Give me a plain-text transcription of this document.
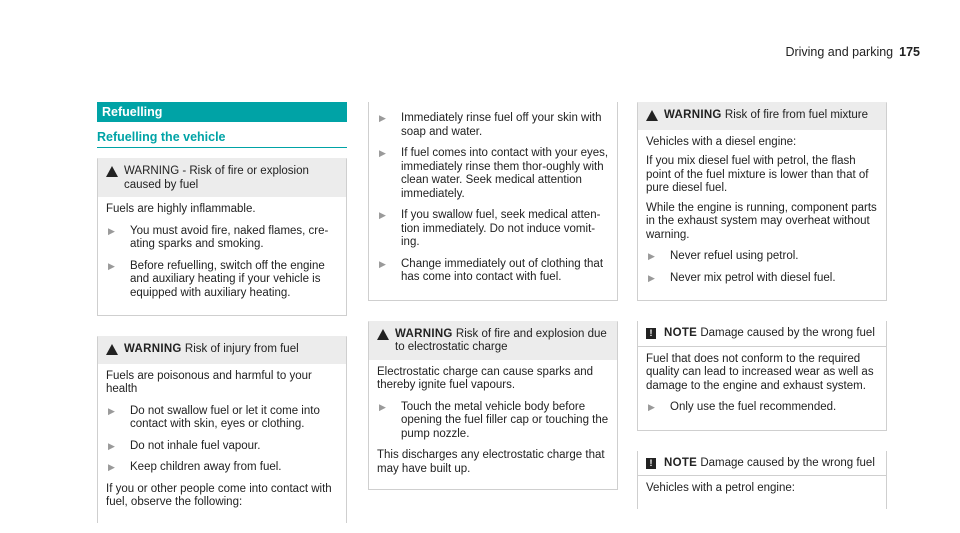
Driving and parking 175
Refuelling
Refuelling the vehicle
WARNING - Risk of fire or explosion caused by fuel

Fuels are highly inflammable.

▶	You must avoid fire, naked flames, cre-ating sparks and smoking.
▶	Before refuelling, switch off the engine and auxiliary heating if your vehicle is equipped with auxiliary heating.
WARNING Risk of injury from fuel

Fuels are poisonous and harmful to your health

▶	Do not swallow fuel or let it come into contact with skin, eyes or clothing.
▶	Do not inhale fuel vapour.
▶	Keep children away from fuel.

If you or other people come into contact with fuel, observe the following:

▶	Immediately rinse fuel off your skin with soap and water.
▶	If fuel comes into contact with your eyes, immediately rinse them thor-oughly with clean water. Seek medical attention immediately.
▶	If you swallow fuel, seek medical atten-tion immediately. Do not induce vomit-ing.
▶	Change immediately out of clothing that has come into contact with fuel.
WARNING Risk of fire and explosion due to electrostatic charge

Electrostatic charge can cause sparks and thereby ignite fuel vapours.

▶	Touch the metal vehicle body before opening the fuel filler cap or touching the pump nozzle.

This discharges any electrostatic charge that may have built up.

WARNING Risk of fire from fuel mixture

Vehicles with a diesel engine:

If you mix diesel fuel with petrol, the flash point of the fuel mixture is lower than that of pure diesel fuel.

While the engine is running, component parts in the exhaust system may overheat without warning.

▶	Never refuel using petrol.
▶	Never mix petrol with diesel fuel.
!	NOTE Damage caused by the wrong fuel

Fuel that does not conform to the required quality can lead to increased wear as well as damage to the engine and exhaust system.

▶	Only use the fuel recommended.
!	NOTE Damage caused by the wrong fuel

Vehicles with a petrol engine:
